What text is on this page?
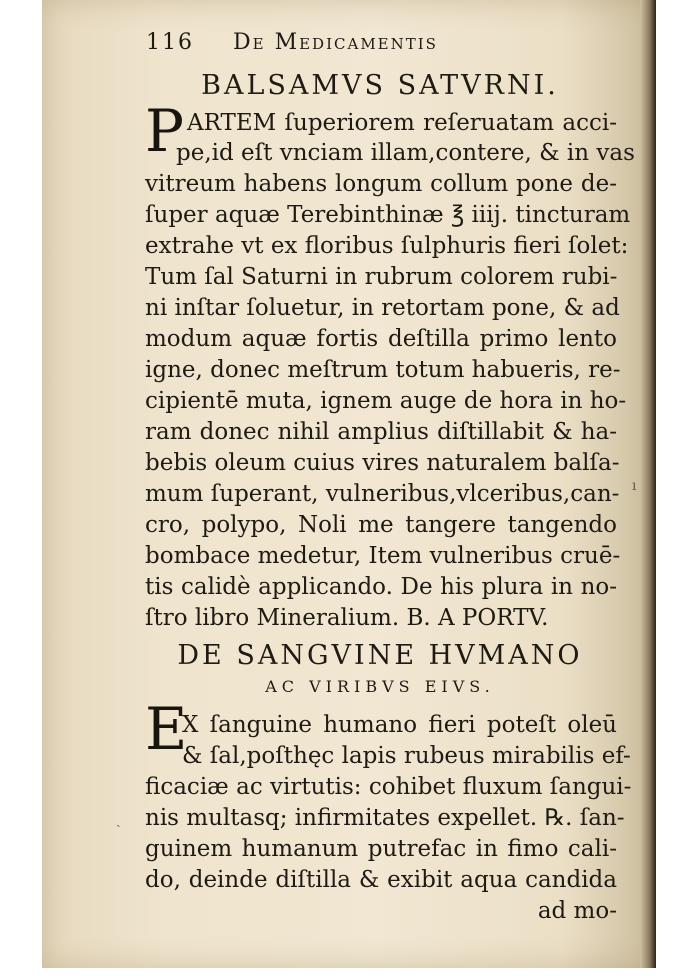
116 De Medicamentis
BALSAMVS SATVRNI.
P ARTEM ſuperiorem reſeruatam acci-
pe,id eſt vnciam illam,contere, & in vas
vitreum habens longum collum pone de-
ſuper aquæ Terebinthinæ ℥ iiij. tincturam
extrahe vt ex floribus ſulphuris fieri ſolet:
Tum ſal Saturni in rubrum colorem rubi-
ni inſtar ſoluetur, in retortam pone, & ad
modum aquæ fortis deſtilla primo lento
igne, donec meſtrum totum habueris, re-
cipientē muta, ignem auge de hora in ho-
ram donec nihil amplius diſtillabit & ha-
bebis oleum cuius vires naturalem balſa-
mum ſuperant, vulneribus,vlceribus,can-
cro, polypo, Noli me tangere tangendo
bombace medetur, Item vulneribus cruē-
tis calidè applicando. De his plura in no-
ſtro libro Mineralium. B. A PORTV.
DE SANGVINE HVMANO
AC VIRIBVS EIVS.
E
X ſanguine humano fieri poteſt oleū
& ſal,poſthęc lapis rubeus mirabilis ef-
ficaciæ ac virtutis: cohibet fluxum ſangui-
nis multasq; infirmitates expellet. ℞. ſan-
guinem humanum putrefac in fimo cali-
do, deinde diſtilla & exibit aqua candida
ad mo-
ı
ˎ
